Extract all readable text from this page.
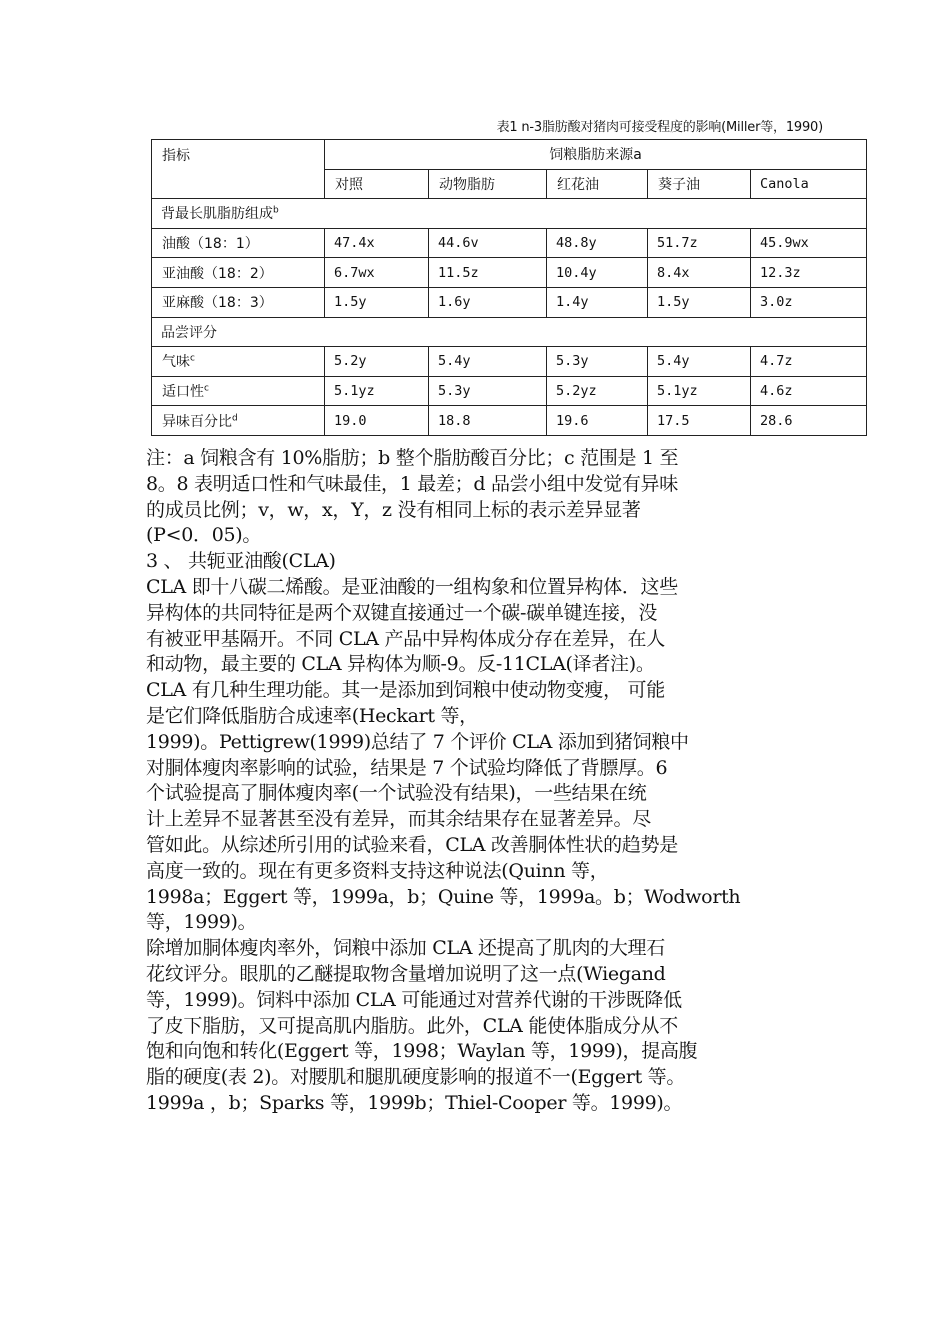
表1 n-3脂肪酸对猪肉可接受程度的影响(Miller等，1990)
指标	饲粮脂肪来源a				
	对照	动物脂肪	红花油	葵子油	Canola
背最长肌脂肪组成$^b$
油酸（18：1）	47.4x	44.6v	48.8y	51.7z	45.9wx
亚油酸（18：2）	6.7wx	11.5z	10.4y	8.4x	12.3z
亚麻酸（18：3）	1.5y	1.6y	1.4y	1.5y	3.0z
品尝评分					
气味$^c$	5.2y	5.4y	5.3y	5.4y	4.7z
适口性$^c$	5.1yz	5.3y	5.2yz	5.1yz	4.6z
异味百分比$^d$	19.0	18.8	19.6	17.5	28.6

注：a 饲粮含有 10%脂肪；b 整个脂肪酸百分比；c 范围是 1 至

8。8 表明适口性和气味最佳，1 最差；d 品尝小组中发觉有异味

的成员比例；v，w，x，Y，z 没有相同上标的表示差异显著

(P<0．05)。

3 、 共轭亚油酸(CLA)

CLA 即十八碳二烯酸。是亚油酸的一组构象和位置异构体．这些

异构体的共同特征是两个双键直接通过一个碳-碳单键连接，没

有被亚甲基隔开。不同 CLA 产品中异构体成分存在差异，在人

和动物，最主要的 CLA 异构体为顺-9。反-11CLA(译者注)。

CLA 有几种生理功能。其一是添加到饲粮中使动物变瘦， 可能

是它们降低脂肪合成速率(Heckart 等，

1999)。Pettigrew(1999)总结了 7 个评价 CLA 添加到猪饲粮中

对胴体瘦肉率影响的试验，结果是 7 个试验均降低了背膘厚。6

个试验提高了胴体瘦肉率(一个试验没有结果)，一些结果在统

计上差异不显著甚至没有差异，而其余结果存在显著差异。尽

管如此。从综述所引用的试验来看，CLA 改善胴体性状的趋势是

高度一致的。现在有更多资料支持这种说法(Quinn 等，

1998a；Eggert 等，1999a，b；Quine 等，1999a。b；Wodworth

等，1999)。

除增加胴体瘦肉率外，饲粮中添加 CLA 还提高了肌肉的大理石

花纹评分。眼肌的乙醚提取物含量增加说明了这一点(Wiegand

等，1999)。饲料中添加 CLA 可能通过对营养代谢的干涉既降低

了皮下脂肪，又可提高肌内脂肪。此外，CLA 能使体脂成分从不

饱和向饱和转化(Eggert 等，1998；Waylan 等，1999)，提高腹

脂的硬度(表 2)。对腰肌和腿肌硬度影响的报道不一(Eggert 等。

1999a ，b；Sparks 等，1999b；Thiel-Cooper 等。1999)。
